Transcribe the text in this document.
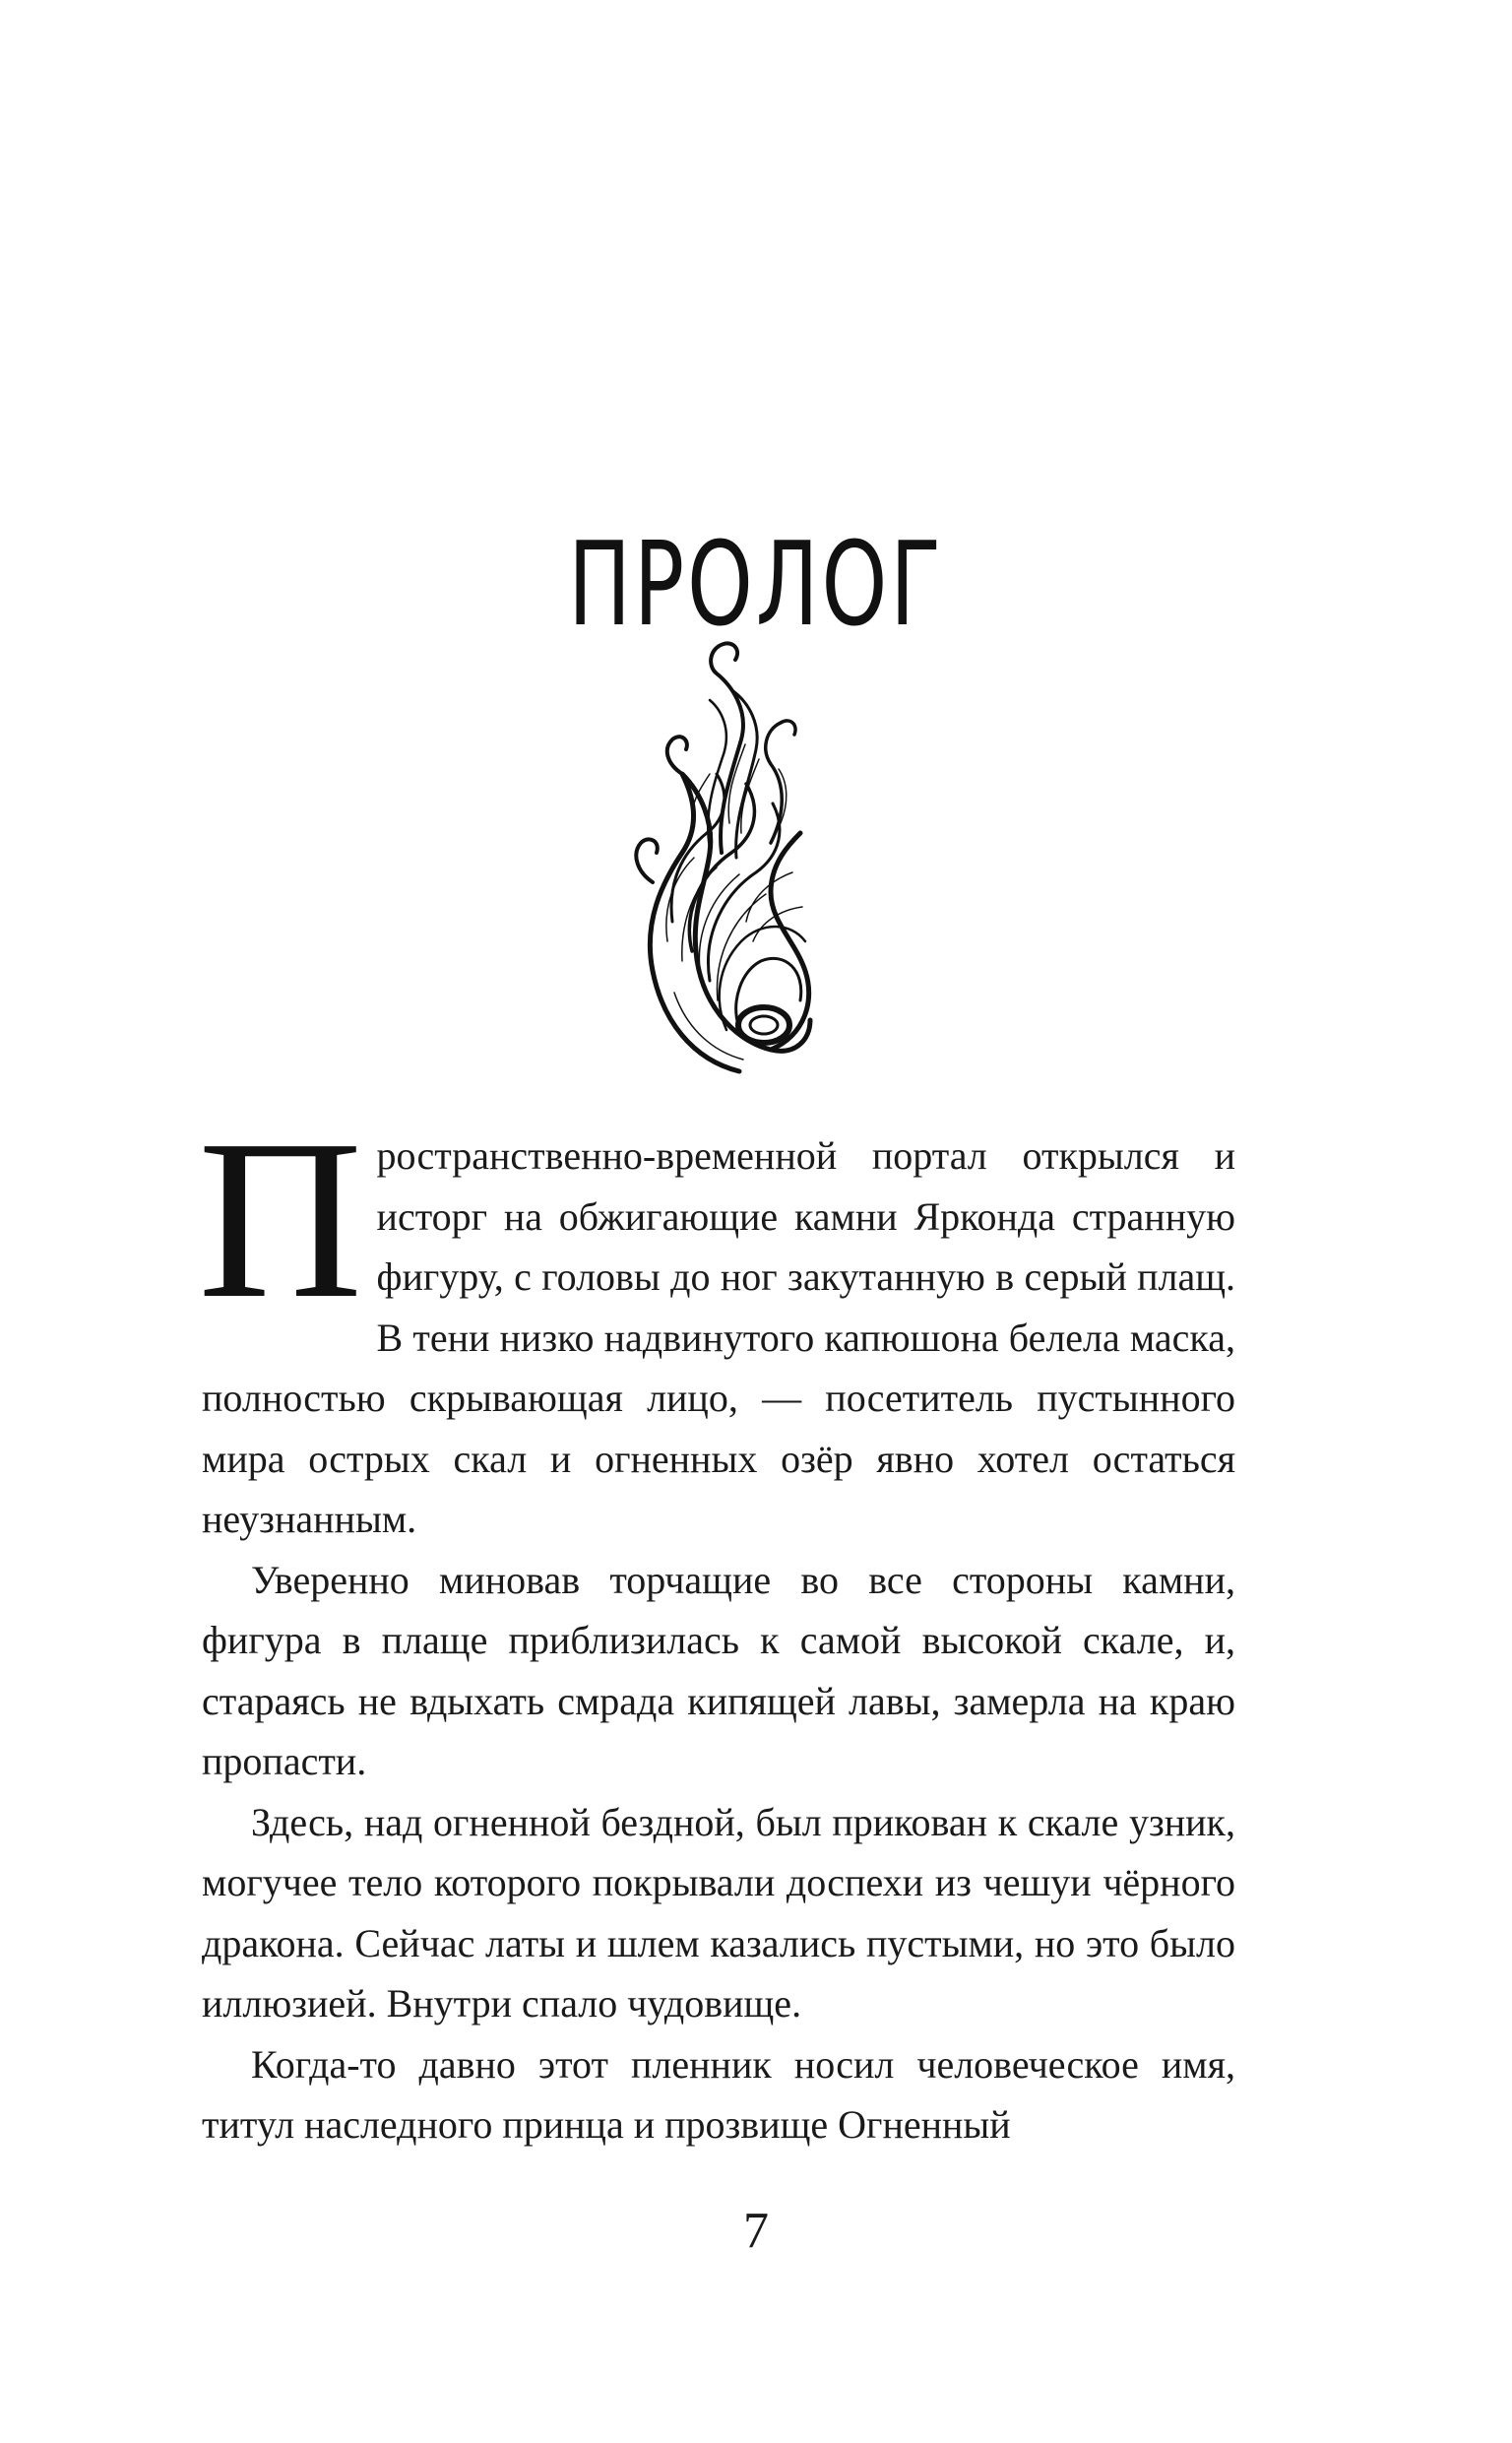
ПРОЛОГ

Пространственно-временной портал открылся и исторг на обжигающие камни Ярконда странную фигуру, с головы до ног закутанную в серый плащ. В тени низко надвинутого капюшона белела маска, полностью скрывающая лицо, — посетитель пустынного мира острых скал и огненных озёр явно хотел остаться неузнанным.

Уверенно миновав торчащие во все стороны камни, фигура в плаще приблизилась к самой высокой скале, и, стараясь не вдыхать смрада кипящей лавы, замерла на краю пропасти.

Здесь, над огненной бездной, был прикован к скале узник, могучее тело которого покрывали доспехи из чешуи чёрного дракона. Сейчас латы и шлем казались пустыми, но это было иллюзией. Внутри спало чудовище.

Когда-то давно этот пленник носил человеческое имя, титул наследного принца и прозвище Огненный

7
